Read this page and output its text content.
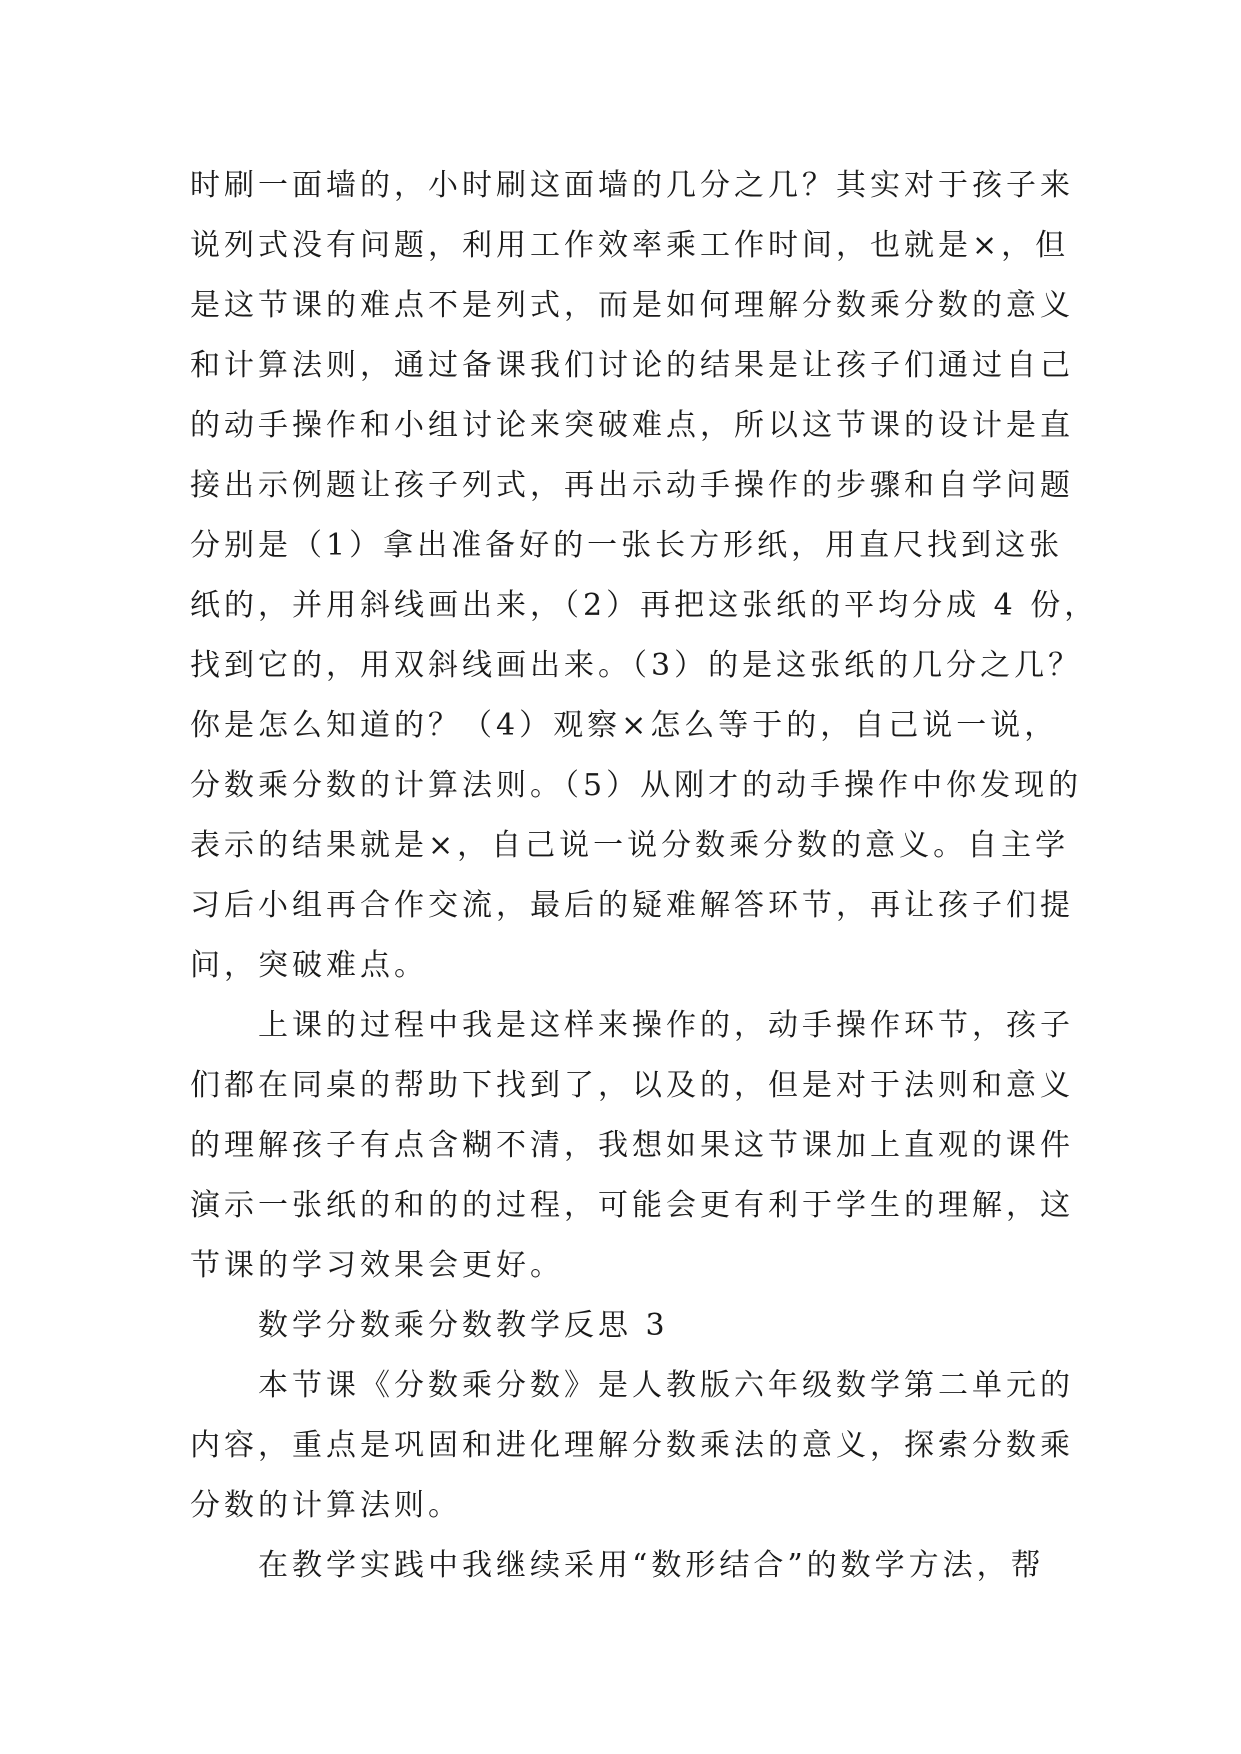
时刷一面墙的，小时刷这面墙的几分之几？其实对于孩子来
说列式没有问题，利用工作效率乘工作时间，也就是×，但
是这节课的难点不是列式，而是如何理解分数乘分数的意义
和计算法则，通过备课我们讨论的结果是让孩子们通过自己
的动手操作和小组讨论来突破难点，所以这节课的设计是直
接出示例题让孩子列式，再出示动手操作的步骤和自学问题
分别是（1）拿出准备好的一张长方形纸，用直尺找到这张
纸的，并用斜线画出来，（2）再把这张纸的平均分成 4 份，
找到它的，用双斜线画出来。（3）的是这张纸的几分之几？
你是怎么知道的？（4）观察×怎么等于的，自己说一说，
分数乘分数的计算法则。（5）从刚才的动手操作中你发现的
表示的结果就是×，自己说一说分数乘分数的意义。自主学
习后小组再合作交流，最后的疑难解答环节，再让孩子们提
问，突破难点。
上课的过程中我是这样来操作的，动手操作环节，孩子
们都在同桌的帮助下找到了，以及的，但是对于法则和意义
的理解孩子有点含糊不清，我想如果这节课加上直观的课件
演示一张纸的和的的过程，可能会更有利于学生的理解，这
节课的学习效果会更好。
数学分数乘分数教学反思 3
本节课《分数乘分数》是人教版六年级数学第二单元的
内容，重点是巩固和进化理解分数乘法的意义，探索分数乘
分数的计算法则。
在教学实践中我继续采用“数形结合”的数学方法，帮
